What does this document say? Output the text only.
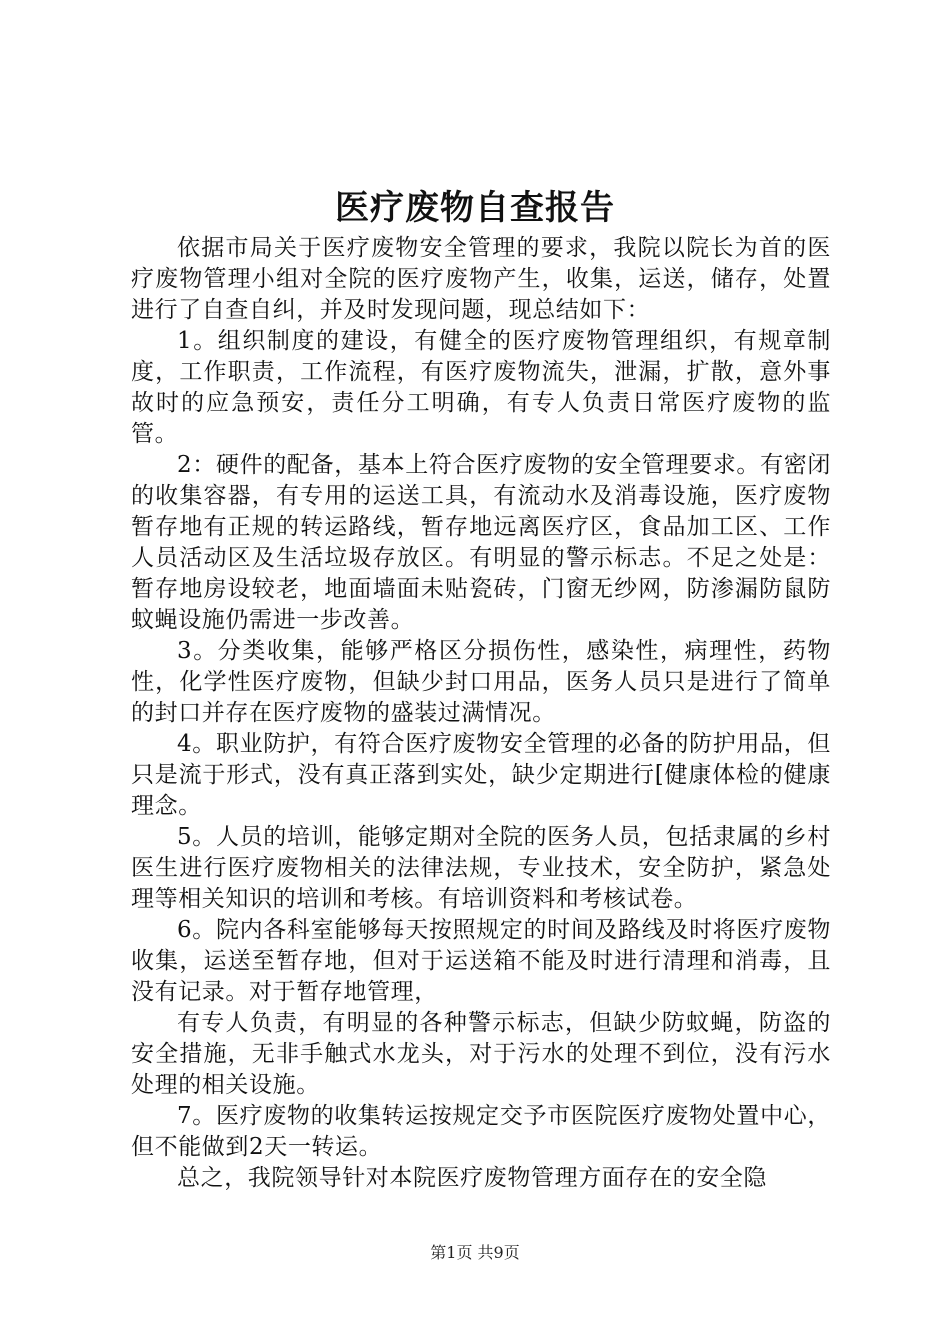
医疗废物自查报告

依据市局关于医疗废物安全管理的要求，我院以院长为首的医疗废物管理小组对全院的医疗废物产生，收集，运送，储存，处置进行了自查自纠，并及时发现问题，现总结如下：

1。组织制度的建设，有健全的医疗废物管理组织，有规章制度，工作职责，工作流程，有医疗废物流失，泄漏，扩散，意外事故时的应急预安，责任分工明确，有专人负责日常医疗废物的监管。

2：硬件的配备，基本上符合医疗废物的安全管理要求。有密闭的收集容器，有专用的运送工具，有流动水及消毒设施，医疗废物暂存地有正规的转运路线，暂存地远离医疗区，食品加工区、工作人员活动区及生活垃圾存放区。有明显的警示标志。不足之处是：暂存地房设较老，地面墙面未贴瓷砖，门窗无纱网，防渗漏防鼠防蚊蝇设施仍需进一步改善。

3。分类收集，能够严格区分损伤性，感染性，病理性，药物性，化学性医疗废物，但缺少封口用品，医务人员只是进行了简单的封口并存在医疗废物的盛装过满情况。

4。职业防护，有符合医疗废物安全管理的必备的防护用品，但只是流于形式，没有真正落到实处，缺少定期进行[健康体检的健康理念。

5。人员的培训，能够定期对全院的医务人员，包括隶属的乡村医生进行医疗废物相关的法律法规，专业技术，安全防护，紧急处理等相关知识的培训和考核。有培训资料和考核试卷。

6。院内各科室能够每天按照规定的时间及路线及时将医疗废物收集，运送至暂存地，但对于运送箱不能及时进行清理和消毒，且没有记录。对于暂存地管理，

有专人负责，有明显的各种警示标志，但缺少防蚊蝇，防盗的安全措施，无非手触式水龙头，对于污水的处理不到位，没有污水处理的相关设施。

7。医疗废物的收集转运按规定交予市医院医疗废物处置中心，但不能做到2天一转运。

总之，我院领导针对本院医疗废物管理方面存在的安全隐

第1页 共9页
